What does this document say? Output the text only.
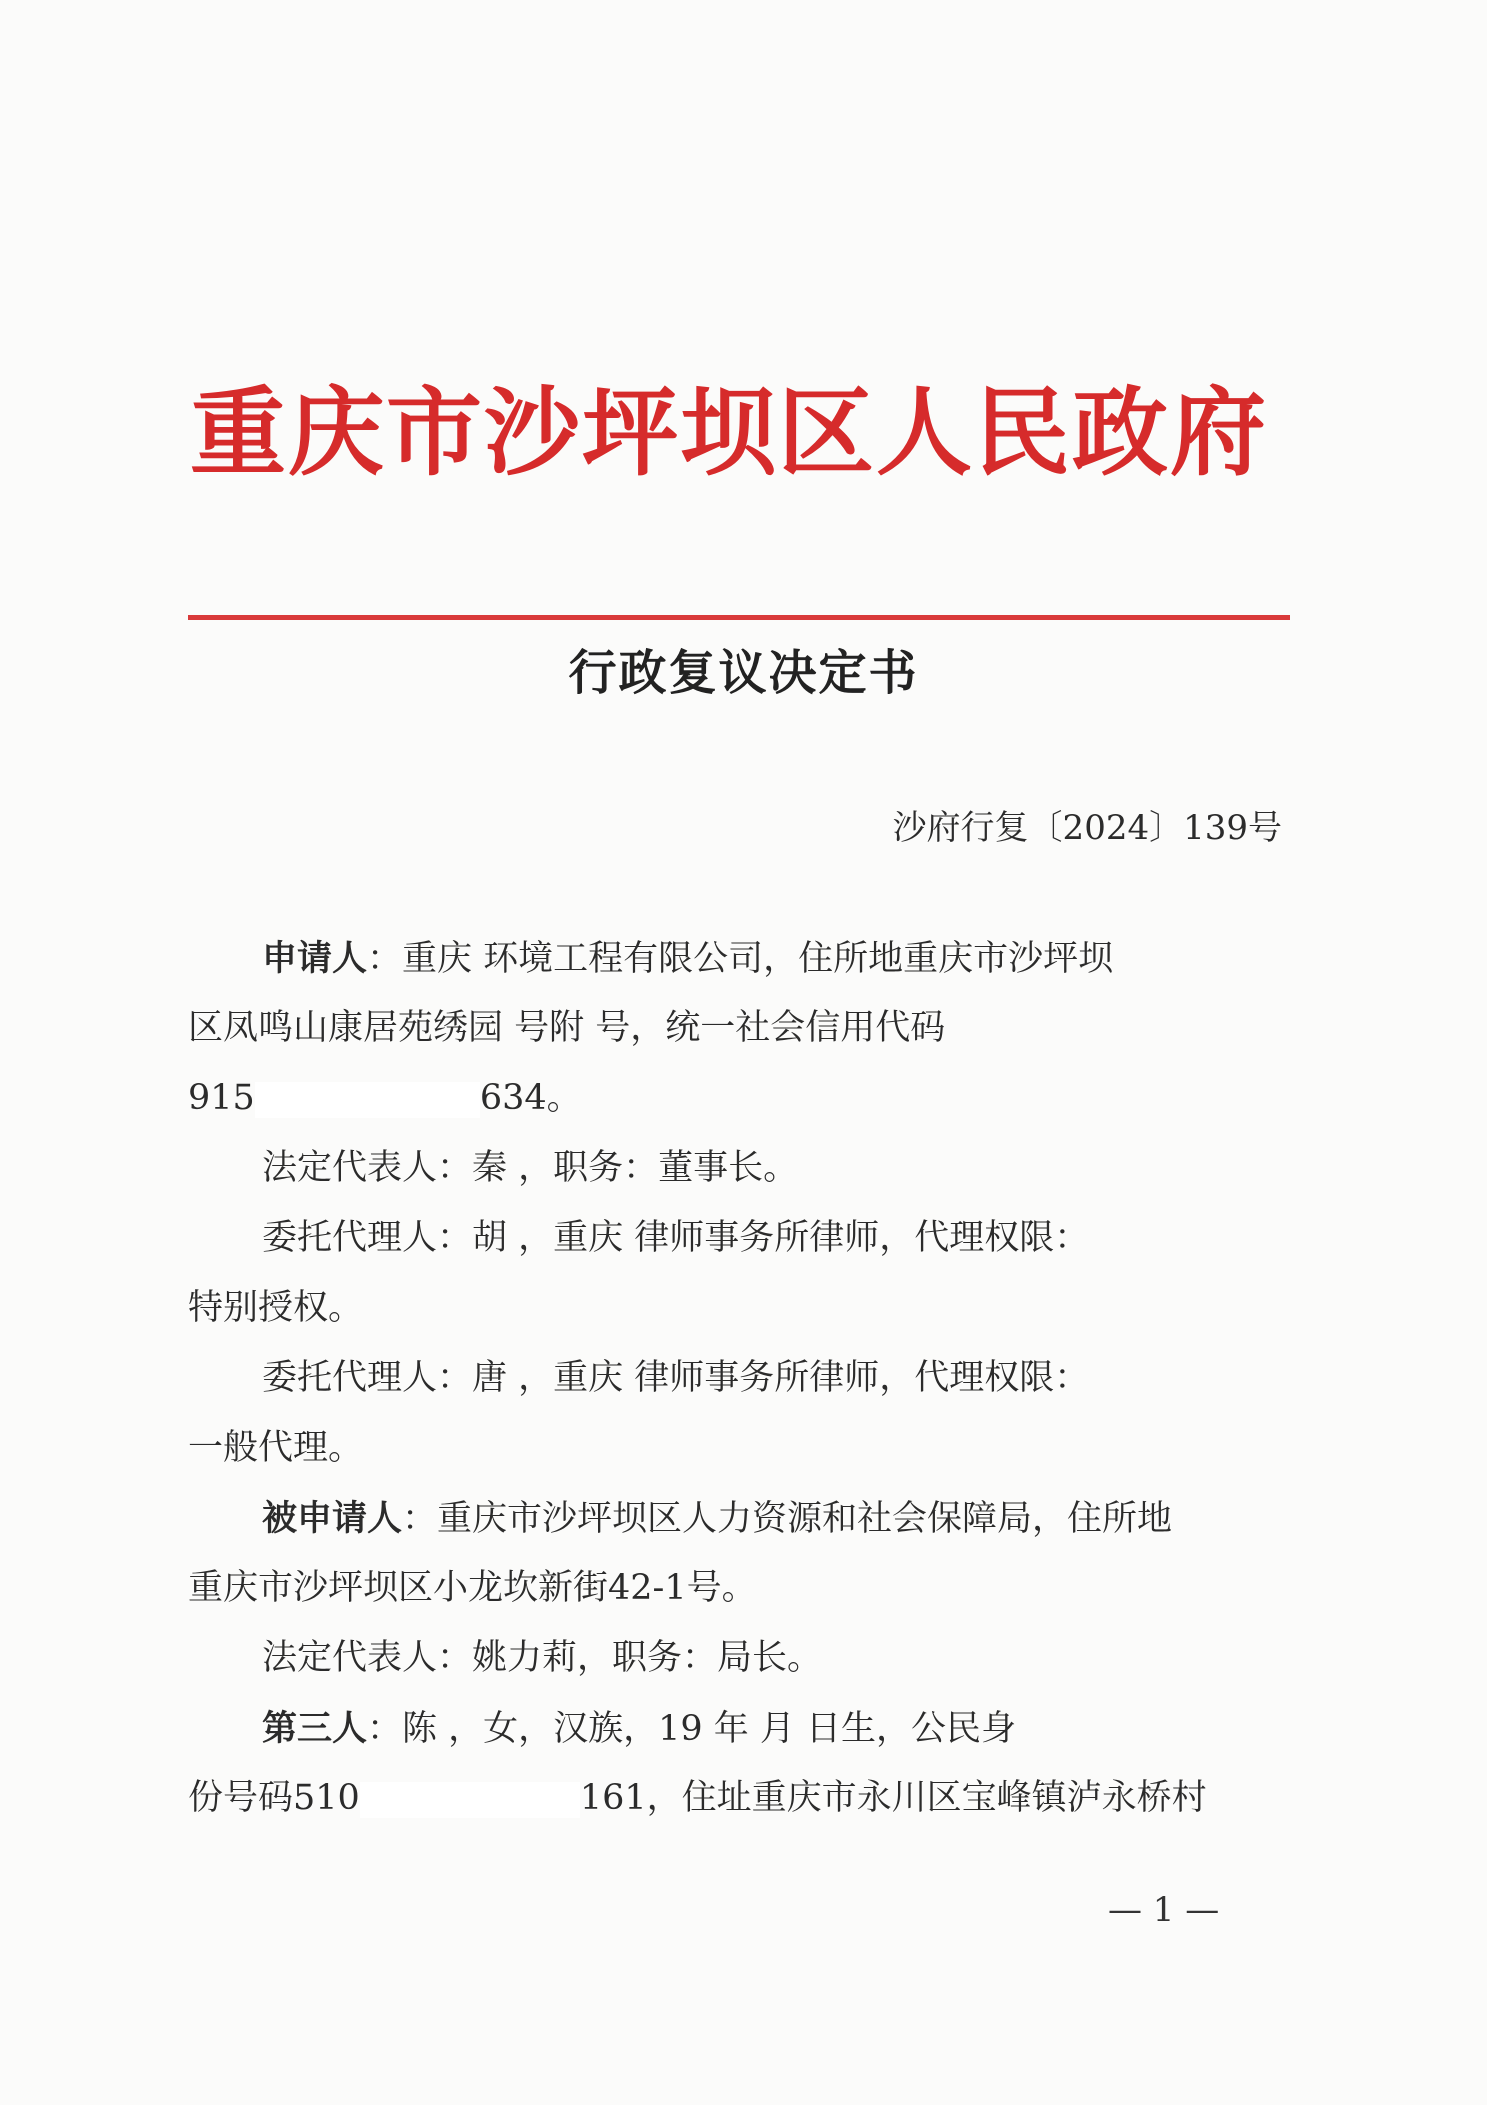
重庆市沙坪坝区人民政府
行政复议决定书
沙府行复〔2024〕139号
申请人：重庆 环境工程有限公司，住所地重庆市沙坪坝
区凤鸣山康居苑绣园 号附 号，统一社会信用代码
915	634。
法定代表人：秦 ，职务：董事长。
委托代理人：胡 ，重庆 律师事务所律师，代理权限：
特别授权。
委托代理人：唐 ，重庆 律师事务所律师，代理权限：
一般代理。
被申请人：重庆市沙坪坝区人力资源和社会保障局，住所地
重庆市沙坪坝区小龙坎新街42-1号。
法定代表人：姚力莉，职务：局长。
第三人：陈 ，女，汉族，19 年 月 日生，公民身
份号码510	161，住址重庆市永川区宝峰镇泸永桥村
— 1 —
